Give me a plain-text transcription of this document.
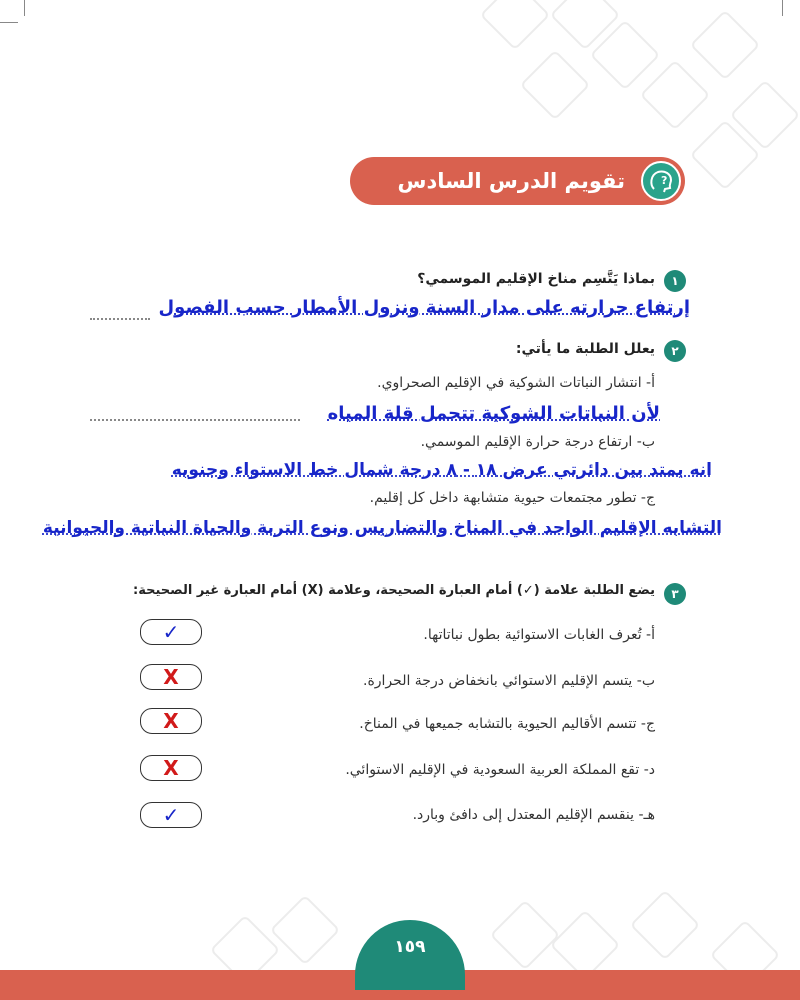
تقويم الدرس السادس عشر
?
١
بماذا يَتَّسِم مناخ الإقليم الموسمي؟
إرتفاع حرارته على مدار السنة ونزول الأمطار حسب الفصول
٢
يعلل الطلبة ما يأتي:
أ- انتشار النباتات الشوكية في الإقليم الصحراوي.
لأن النباتات الشوكية تتحمل قلة المياه
ب- ارتفاع درجة حرارة الإقليم الموسمي.
انه يمتد بين دائرتي عرض ١٨ - ٨ درجة شمال خط الاستواء وجنوبه
ج- تطور مجتمعات حيوية متشابهة داخل كل إقليم.
التشابه الإقليم الواحد في المناخ والتضاريس ونوع التربة والحياة النباتية والحيوانية
٣
يضع الطلبة علامة (✓) أمام العبارة الصحيحة، وعلامة (X) أمام العبارة غير الصحيحة:
أ- تُعرف الغابات الاستوائية بطول نباتاتها.
✓
ب- يتسم الإقليم الاستوائي بانخفاض درجة الحرارة.
X
ج- تتسم الأقاليم الحيوية بالتشابه جميعها في المناخ.
X
د- تقع المملكة العربية السعودية في الإقليم الاستوائي.
X
هـ- ينقسم الإقليم المعتدل إلى دافئ وبارد.
✓
١٥٩
